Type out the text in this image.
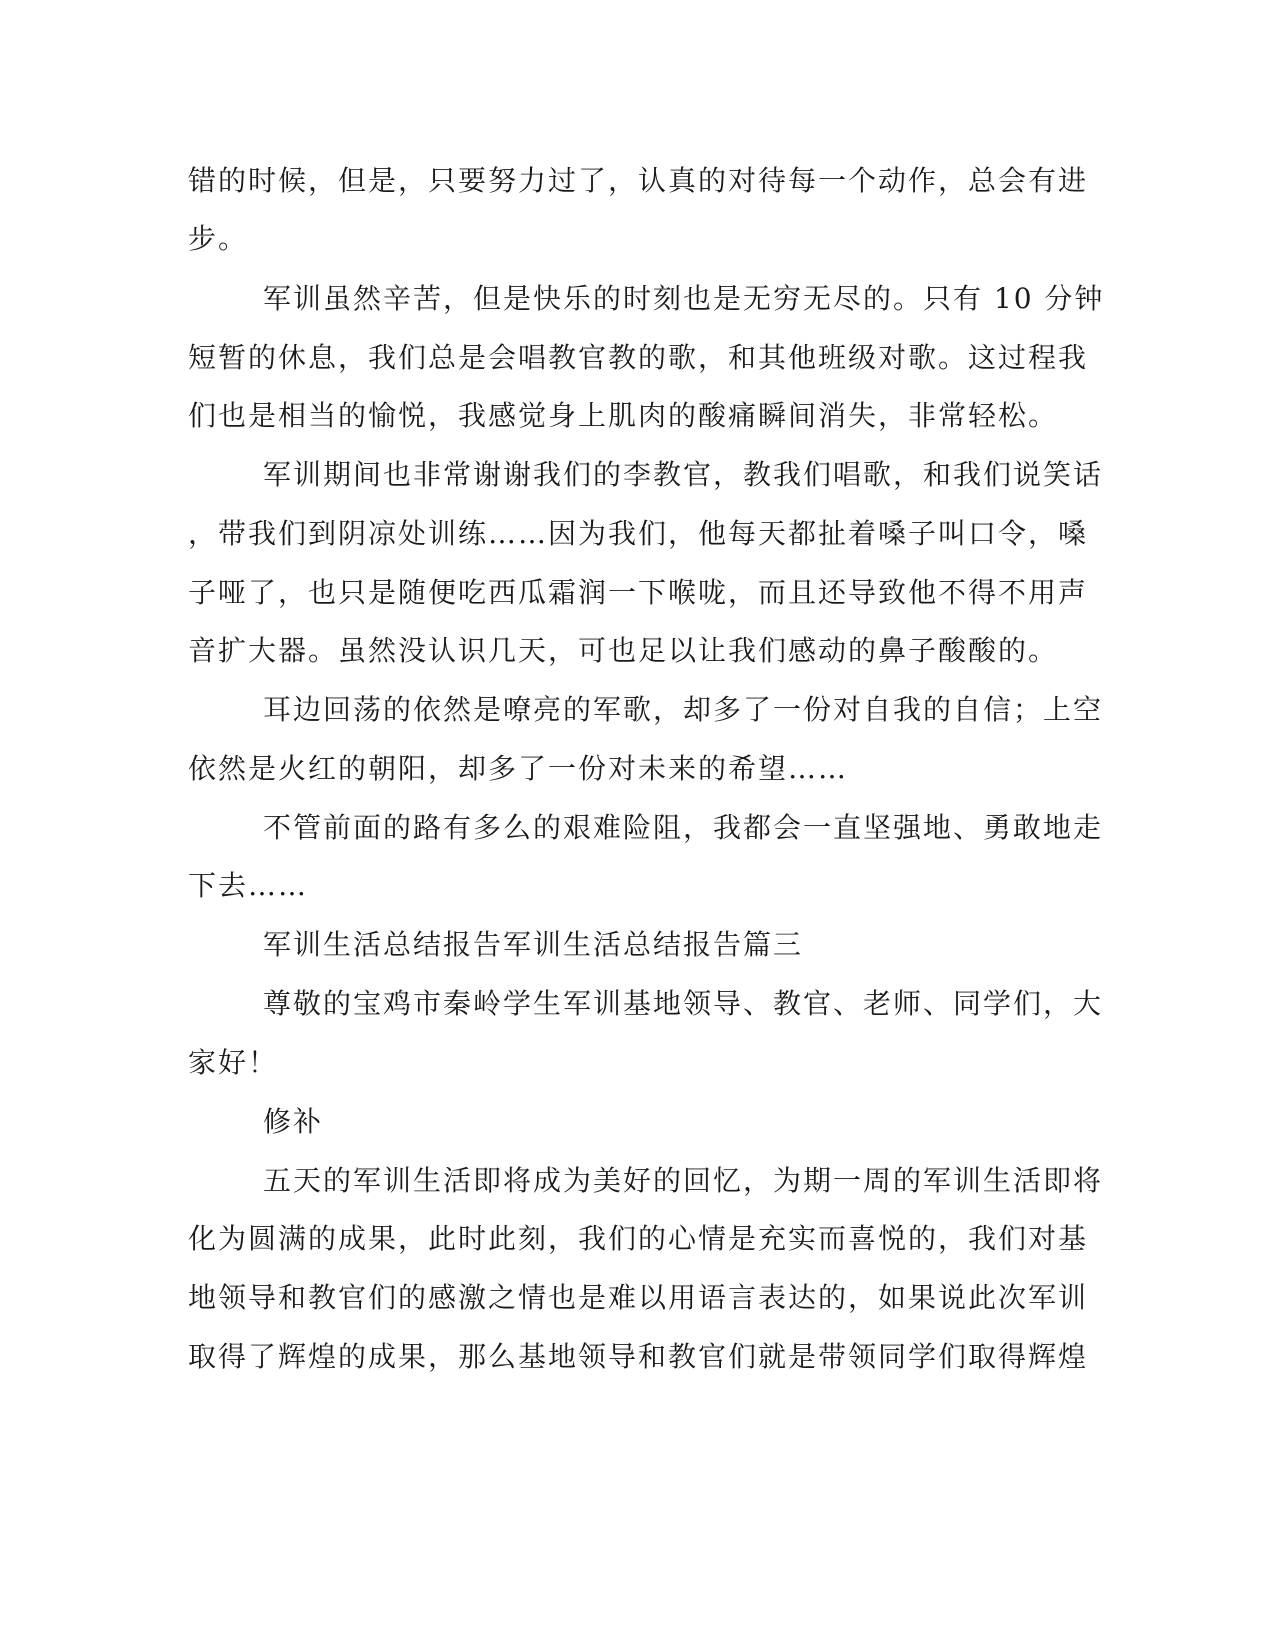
错的时候，但是，只要努力过了，认真的对待每一个动作，总会有进
步。
军训虽然辛苦，但是快乐的时刻也是无穷无尽的。只有 10 分钟
短暂的休息，我们总是会唱教官教的歌，和其他班级对歌。这过程我
们也是相当的愉悦，我感觉身上肌肉的酸痛瞬间消失，非常轻松。
军训期间也非常谢谢我们的李教官，教我们唱歌，和我们说笑话
，带我们到阴凉处训练……因为我们，他每天都扯着嗓子叫口令，嗓
子哑了，也只是随便吃西瓜霜润一下喉咙，而且还导致他不得不用声
音扩大器。虽然没认识几天，可也足以让我们感动的鼻子酸酸的。
耳边回荡的依然是嘹亮的军歌，却多了一份对自我的自信；上空
依然是火红的朝阳，却多了一份对未来的希望……
不管前面的路有多么的艰难险阻，我都会一直坚强地、勇敢地走
下去……
军训生活总结报告军训生活总结报告篇三
尊敬的宝鸡市秦岭学生军训基地领导、教官、老师、同学们，大
家好！
修补
五天的军训生活即将成为美好的回忆，为期一周的军训生活即将
化为圆满的成果，此时此刻，我们的心情是充实而喜悦的，我们对基
地领导和教官们的感激之情也是难以用语言表达的，如果说此次军训
取得了辉煌的成果，那么基地领导和教官们就是带领同学们取得辉煌
